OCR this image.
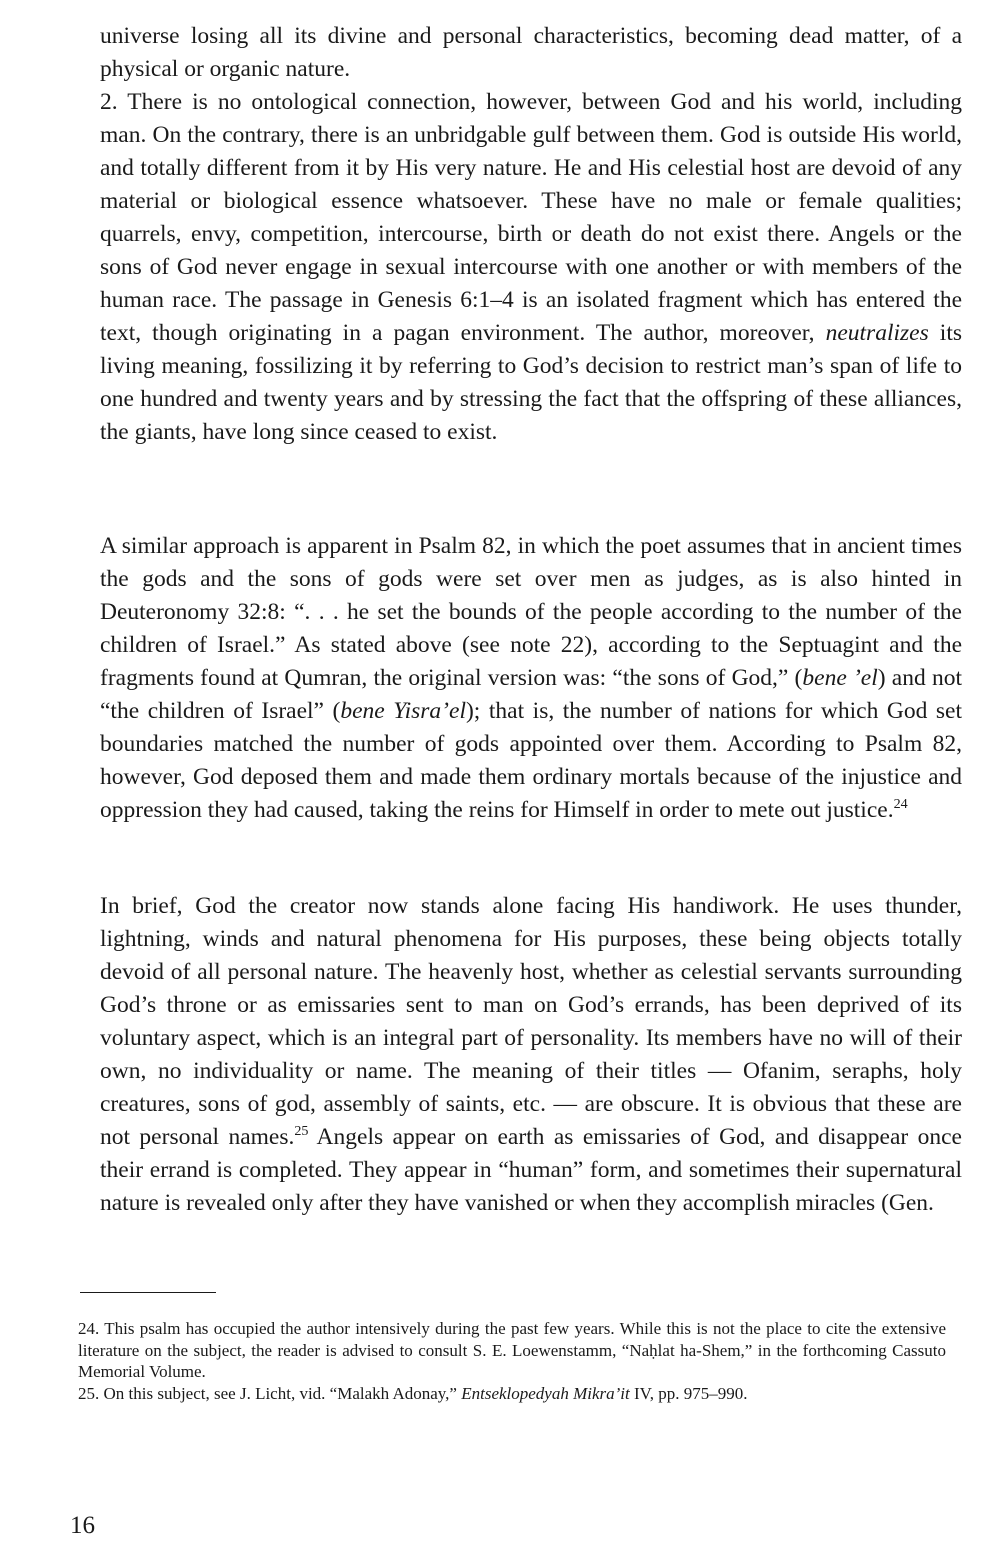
universe losing all its divine and personal characteristics, becoming dead matter, of a physical or organic nature.

2. There is no ontological connection, however, between God and his world, including man. On the contrary, there is an unbridgable gulf between them. God is outside His world, and totally different from it by His very nature. He and His celestial host are devoid of any material or biological essence whatsoever. These have no male or female qualities; quarrels, envy, competition, intercourse, birth or death do not exist there. Angels or the sons of God never engage in sexual intercourse with one another or with members of the human race. The passage in Genesis 6:1–4 is an isolated fragment which has entered the text, though originating in a pagan environment. The author, moreover, neutralizes its living meaning, fossilizing it by referring to God’s decision to restrict man’s span of life to one hundred and twenty years and by stressing the fact that the offspring of these alliances, the giants, have long since ceased to exist.

A similar approach is apparent in Psalm 82, in which the poet assumes that in ancient times the gods and the sons of gods were set over men as judges, as is also hinted in Deuteronomy 32:8: “. . . he set the bounds of the people according to the number of the children of Israel.” As stated above (see note 22), according to the Septuagint and the fragments found at Qumran, the original version was: “the sons of God,” (bene ’el) and not “the children of Israel” (bene Yisra’el); that is, the number of nations for which God set boundaries matched the number of gods appointed over them. According to Psalm 82, however, God deposed them and made them ordinary mortals because of the injustice and oppression they had caused, taking the reins for Himself in order to mete out justice.$^{24}$

In brief, God the creator now stands alone facing His handiwork. He uses thunder, lightning, winds and natural phenomena for His purposes, these being objects totally devoid of all personal nature. The heavenly host, whether as celestial servants surrounding God’s throne or as emissaries sent to man on God’s errands, has been deprived of its voluntary aspect, which is an integral part of personality. Its members have no will of their own, no individuality or name. The meaning of their titles — Ofanim, seraphs, holy creatures, sons of god, assembly of saints, etc. — are obscure. It is obvious that these are not personal names.$^{25}$ Angels appear on earth as emissaries of God, and disappear once their errand is completed. They appear in “human” form, and sometimes their supernatural nature is revealed only after they have vanished or when they accomplish miracles (Gen.

24. This psalm has occupied the author intensively during the past few years. While this is not the place to cite the extensive literature on the subject, the reader is advised to consult S. E. Loewenstamm, “Naḥlat ha-Shem,” in the forthcoming Cassuto Memorial Volume.

25. On this subject, see J. Licht, vid. “Malakh Adonay,” Entseklopedyah Mikra’it IV, pp. 975–990.

16
